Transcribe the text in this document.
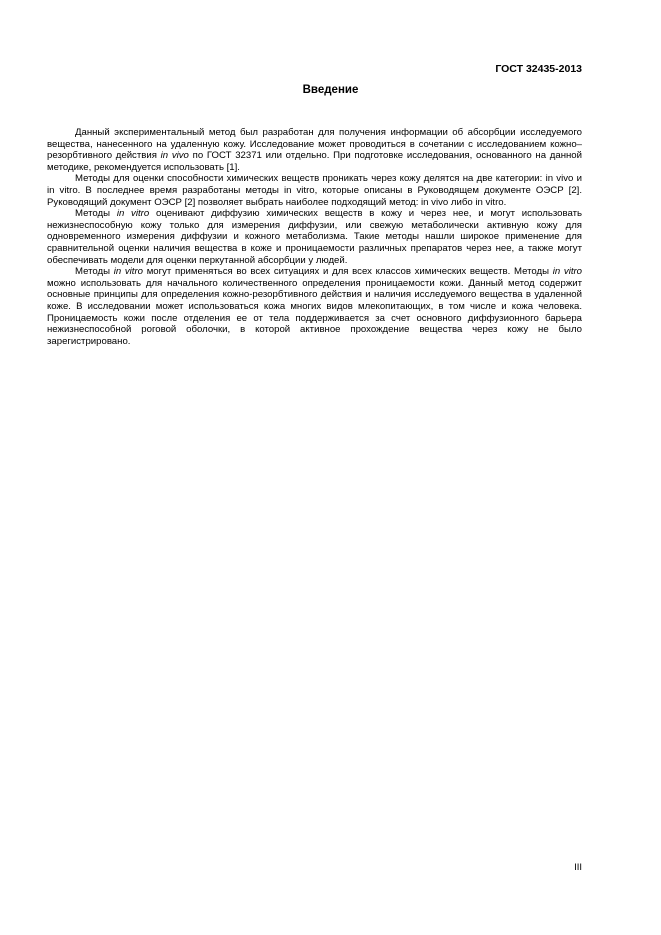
ГОСТ 32435-2013
Введение

Данный экспериментальный метод был разработан для получения информации об абсорбции исследуемого вещества, нанесенного на удаленную кожу. Исследование может проводиться в сочетании с исследованием кожно–резорбтивного действия in vivo по ГОСТ 32371 или отдельно. При подготовке исследования, основанного на данной методике, рекомендуется использовать [1].

Методы для оценки способности химических веществ проникать через кожу делятся на две категории: in vivo и in vitro. В последнее время разработаны методы in vitro, которые описаны в Руководящем документе ОЭСР [2]. Руководящий документ ОЭСР [2] позволяет выбрать наиболее подходящий метод: in vivo либо in vitro.

Методы in vitro оценивают диффузию химических веществ в кожу и через нее, и могут использовать нежизнеспособную кожу только для измерения диффузии, или свежую метаболически активную кожу для одновременного измерения диффузии и кожного метаболизма. Такие методы нашли широкое применение для сравнительной оценки наличия вещества в коже и проницаемости различных препаратов через нее, а также могут обеспечивать модели для оценки перкутанной абсорбции у людей.

Методы in vitro могут применяться во всех ситуациях и для всех классов химических веществ. Методы in vitro можно использовать для начального количественного определения проницаемости кожи. Данный метод содержит основные принципы для определения кожно-резорбтивного действия и наличия исследуемого вещества в удаленной коже. В исследовании может использоваться кожа многих видов млекопитающих, в том числе и кожа человека. Проницаемость кожи после отделения ее от тела поддерживается за счет основного диффузионного барьера нежизнеспособной роговой оболочки, в которой активное прохождение вещества через кожу не было зарегистрировано.

III
